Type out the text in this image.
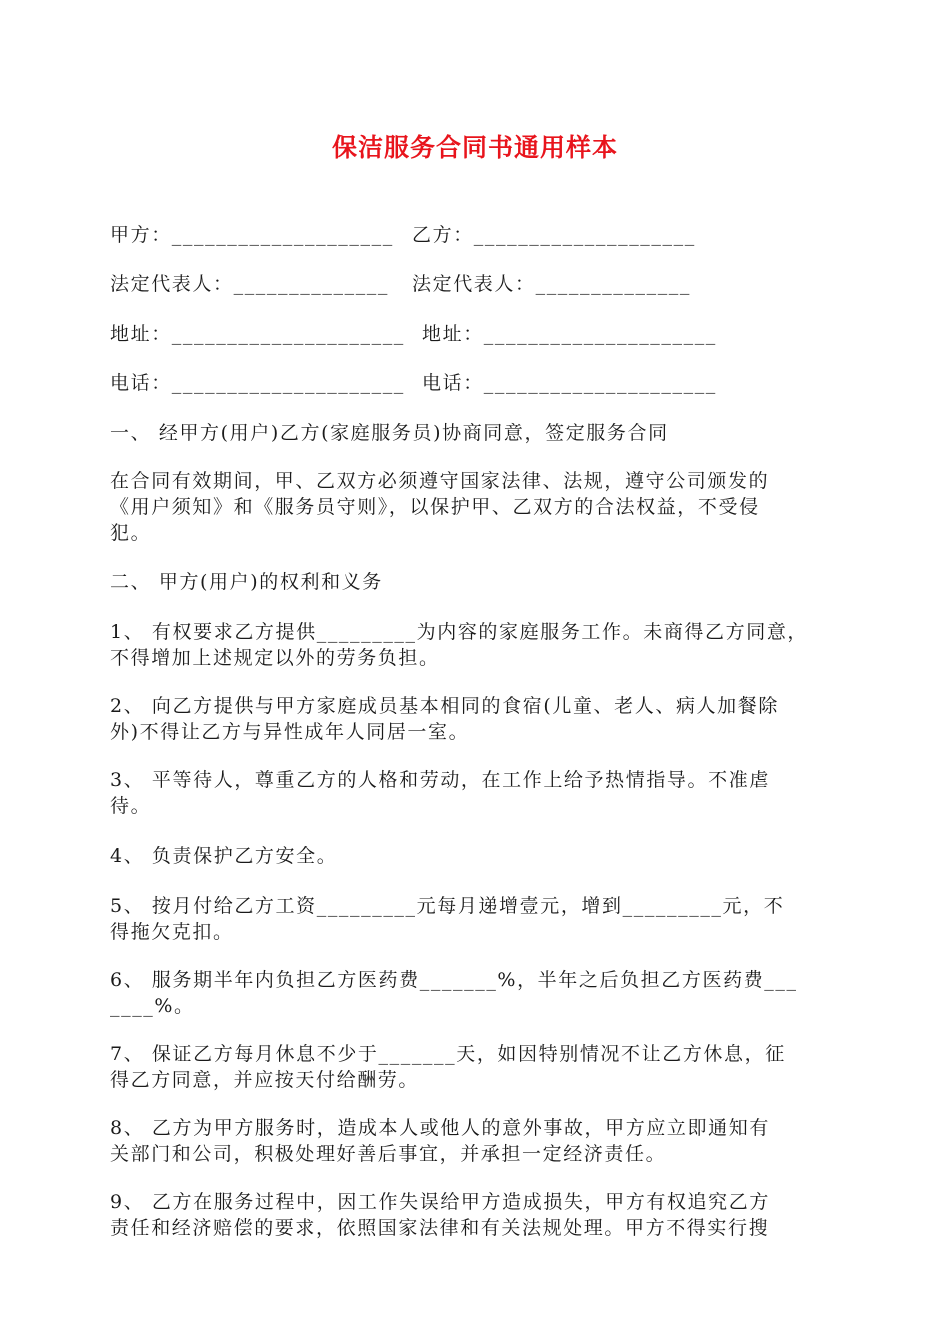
保洁服务合同书通用样本
甲方：____________________ 乙方：____________________
法定代表人：______________ 法定代表人：______________
地址：_____________________ 地址：_____________________
电话：_____________________ 电话：_____________________
一、 经甲方(用户)乙方(家庭服务员)协商同意，签定服务合同
在合同有效期间，甲、乙双方必须遵守国家法律、法规，遵守公司颁发的
《用户须知》和《服务员守则》，以保护甲、乙双方的合法权益，不受侵
犯。
二、 甲方(用户)的权利和义务
1、 有权要求乙方提供_________为内容的家庭服务工作。未商得乙方同意，
不得增加上述规定以外的劳务负担。
2、 向乙方提供与甲方家庭成员基本相同的食宿(儿童、老人、病人加餐除
外)不得让乙方与异性成年人同居一室。
3、 平等待人，尊重乙方的人格和劳动，在工作上给予热情指导。不准虐
待。
4、 负责保护乙方安全。
5、 按月付给乙方工资_________元每月递增壹元，增到_________元，不
得拖欠克扣。
6、 服务期半年内负担乙方医药费_______%，半年之后负担乙方医药费___
____%。
7、 保证乙方每月休息不少于_______天，如因特别情况不让乙方休息，征
得乙方同意，并应按天付给酬劳。
8、 乙方为甲方服务时，造成本人或他人的意外事故，甲方应立即通知有
关部门和公司，积极处理好善后事宜，并承担一定经济责任。
9、 乙方在服务过程中，因工作失误给甲方造成损失，甲方有权追究乙方
责任和经济赔偿的要求，依照国家法律和有关法规处理。甲方不得实行搜
